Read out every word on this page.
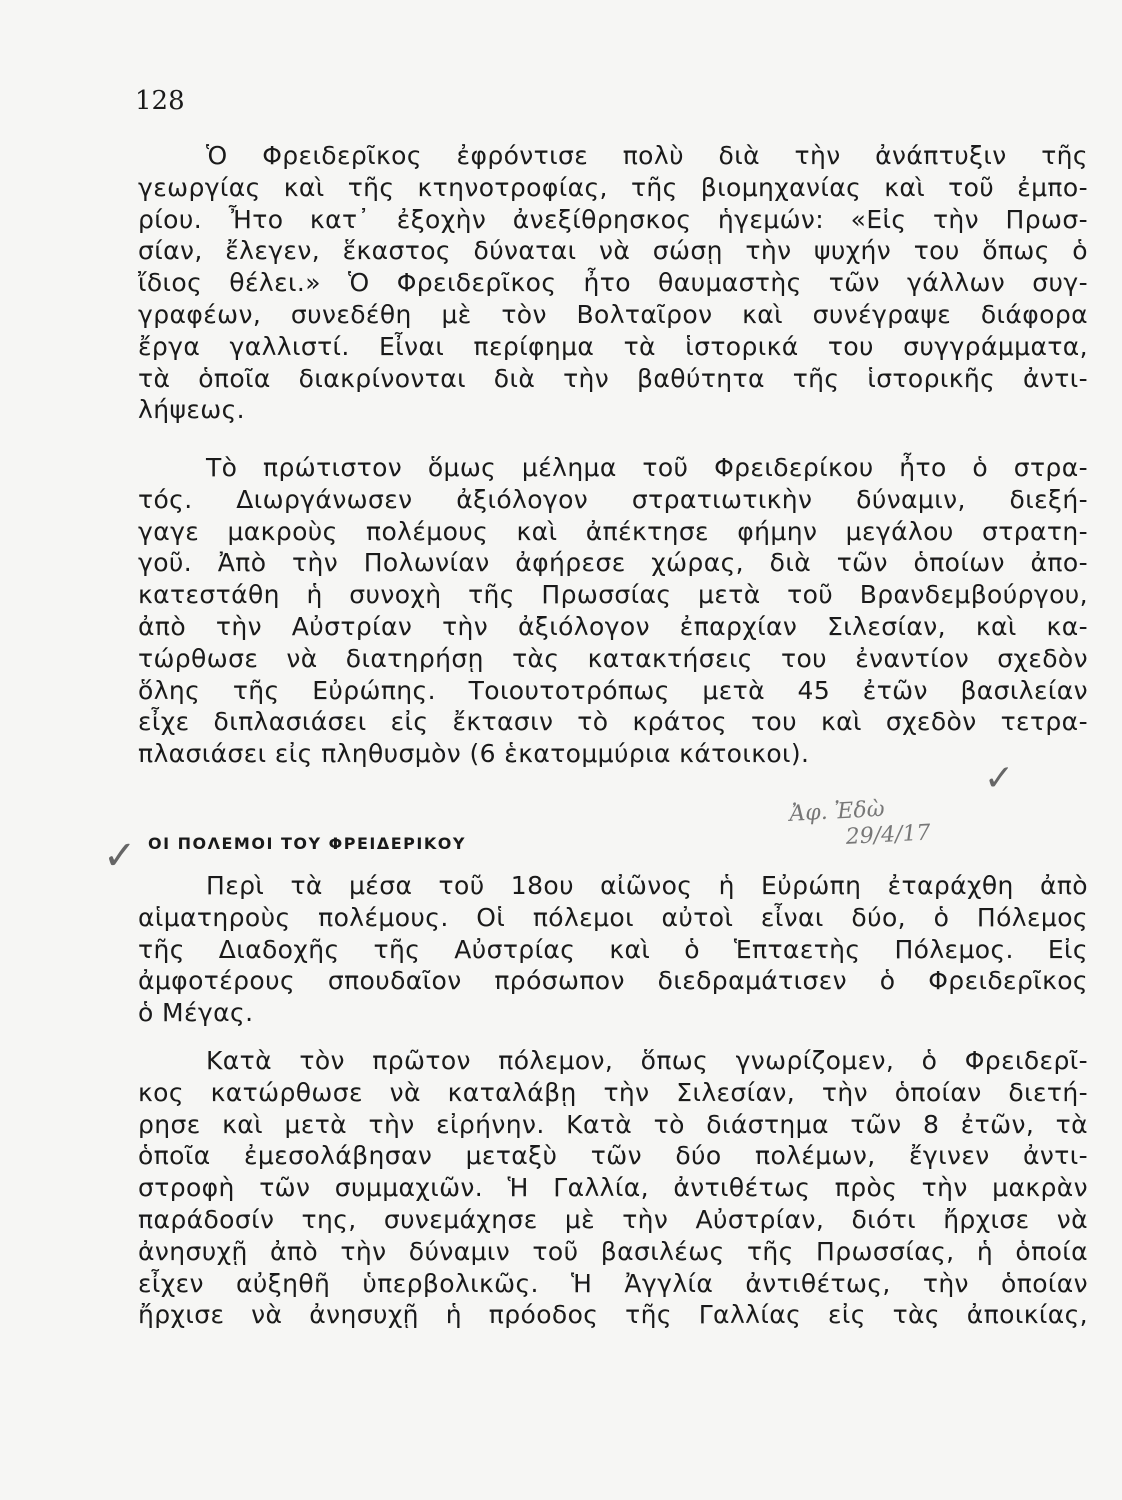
128
Ὁ Φρειδερῖκος ἐφρόντισε πολὺ διὰ τὴν ἀνάπτυξιν τῆς
γεωργίας καὶ τῆς κτηνοτροφίας, τῆς βιομηχανίας καὶ τοῦ ἐμπο-
ρίου. Ἦτο κατ᾽ ἐξοχὴν ἀνεξίθρησκος ἡγεμών: «Εἰς τὴν Πρωσ-
σίαν, ἔλεγεν, ἕκαστος δύναται νὰ σώσῃ τὴν ψυχήν του ὅπως ὁ
ἴδιος θέλει.» Ὁ Φρειδερῖκος ἦτο θαυμαστὴς τῶν γάλλων συγ-
γραφέων, συνεδέθη μὲ τὸν Βολταῖρον καὶ συνέγραψε διάφορα
ἔργα γαλλιστί. Εἶναι περίφημα τὰ ἱστορικά του συγγράμματα,
τὰ ὁποῖα διακρίνονται διὰ τὴν βαθύτητα τῆς ἱστορικῆς ἀντι-
λήψεως.
Τὸ πρώτιστον ὅμως μέλημα τοῦ Φρειδερίκου ἦτο ὁ στρα-
τός. Διωργάνωσεν ἀξιόλογον στρατιωτικὴν δύναμιν, διεξή-
γαγε μακροὺς πολέμους καὶ ἀπέκτησε φήμην μεγάλου στρατη-
γοῦ. Ἀπὸ τὴν Πολωνίαν ἀφήρεσε χώρας, διὰ τῶν ὁποίων ἀπο-
κατεστάθη ἡ συνοχὴ τῆς Πρωσσίας μετὰ τοῦ Βρανδεμβούργου,
ἀπὸ τὴν Αὐστρίαν τὴν ἀξιόλογον ἐπαρχίαν Σιλεσίαν, καὶ κα-
τώρθωσε νὰ διατηρήσῃ τὰς κατακτήσεις του ἐναντίον σχεδὸν
ὅλης τῆς Εὐρώπης. Τοιουτοτρόπως μετὰ 45 ἐτῶν βασιλείαν
εἶχε διπλασιάσει εἰς ἔκτασιν τὸ κράτος του καὶ σχεδὸν τετρα-
πλασιάσει εἰς πληθυσμὸν (6 ἑκατομμύρια κάτοικοι).
✓
Ἀφ. Ἐδὼ
29/4/17
✓ ΟΙ ΠΟΛΕΜΟΙ ΤΟΥ ΦΡΕΙΔΕΡΙΚΟΥ
Περὶ τὰ μέσα τοῦ 18ου αἰῶνος ἡ Εὐρώπη ἐταράχθη ἀπὸ
αἱματηροὺς πολέμους. Οἱ πόλεμοι αὐτοὶ εἶναι δύο, ὁ Πόλεμος
τῆς Διαδοχῆς τῆς Αὐστρίας καὶ ὁ Ἑπταετὴς Πόλεμος. Εἰς
ἀμφοτέρους σπουδαῖον πρόσωπον διεδραμάτισεν ὁ Φρειδερῖκος
ὁ Μέγας.
Κατὰ τὸν πρῶτον πόλεμον, ὅπως γνωρίζομεν, ὁ Φρειδερῖ-
κος κατώρθωσε νὰ καταλάβῃ τὴν Σιλεσίαν, τὴν ὁποίαν διετή-
ρησε καὶ μετὰ τὴν εἰρήνην. Κατὰ τὸ διάστημα τῶν 8 ἐτῶν, τὰ
ὁποῖα ἐμεσολάβησαν μεταξὺ τῶν δύο πολέμων, ἔγινεν ἀντι-
στροφὴ τῶν συμμαχιῶν. Ἡ Γαλλία, ἀντιθέτως πρὸς τὴν μακρὰν
παράδοσίν της, συνεμάχησε μὲ τὴν Αὐστρίαν, διότι ἤρχισε νὰ
ἀνησυχῇ ἀπὸ τὴν δύναμιν τοῦ βασιλέως τῆς Πρωσσίας, ἡ ὁποία
εἶχεν αὐξηθῆ ὑπερβολικῶς. Ἡ Ἀγγλία ἀντιθέτως, τὴν ὁποίαν
ἤρχισε νὰ ἀνησυχῇ ἡ πρόοδος τῆς Γαλλίας εἰς τὰς ἀποικίας,
